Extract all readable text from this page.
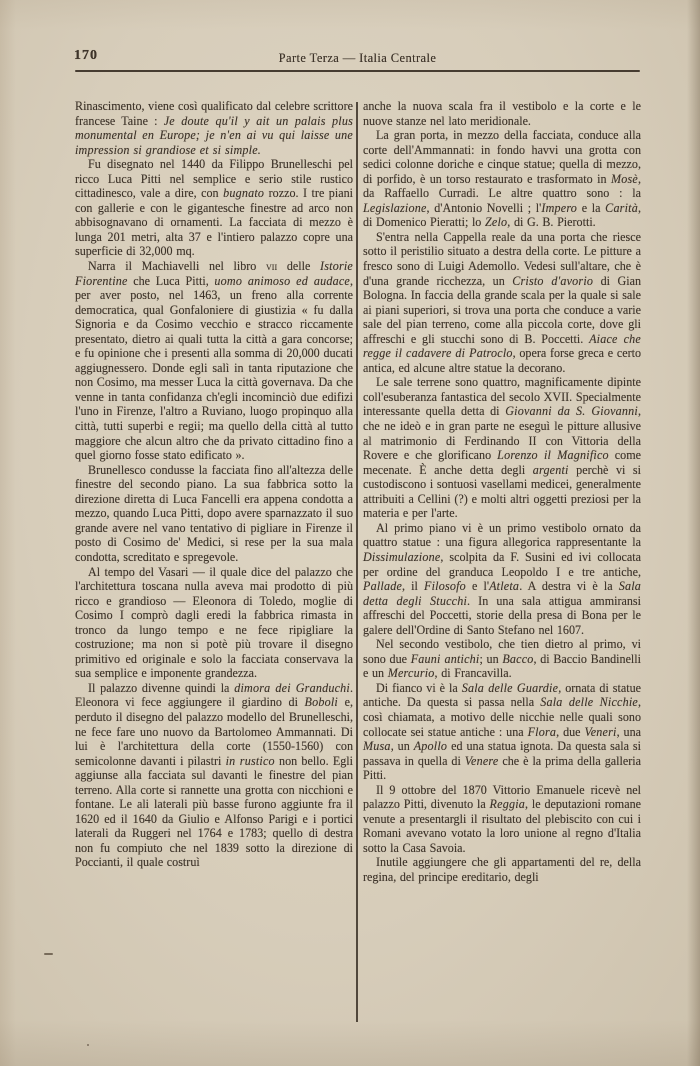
170	Parte Terza — Italia Centrale

Rinascimento, viene così qualificato dal celebre scrittore francese Taine : Je doute qu'il y ait un palais plus monumental en Europe; je n'en ai vu qui laisse une impression si grandiose et si simple.

Fu disegnato nel 1440 da Filippo Brunelleschi pel ricco Luca Pitti nel semplice e serio stile rustico cittadinesco, vale a dire, con bugnato rozzo. I tre piani con gallerie e con le gigantesche finestre ad arco non abbisognavano di ornamenti. La facciata di mezzo è lunga 201 metri, alta 37 e l'intiero palazzo copre una superficie di 32,000 mq.

Narra il Machiavelli nel libro vii delle Istorie Fiorentine che Luca Pitti, uomo animoso ed audace, per aver posto, nel 1463, un freno alla corrente democratica, qual Gonfaloniere di giustizia « fu dalla Signoria e da Cosimo vecchio e stracco riccamente presentato, dietro ai quali tutta la città a gara concorse; e fu opinione che i presenti alla somma di 20,000 ducati aggiugnessero. Donde egli salì in tanta riputazione che non Cosimo, ma messer Luca la città governava. Da che venne in tanta confidanza ch'egli incominciò due edifizi l'uno in Firenze, l'altro a Ruviano, luogo propinquo alla città, tutti superbi e regii; ma quello della città al tutto maggiore che alcun altro che da privato cittadino fino a quel giorno fosse stato edificato ».

Brunellesco condusse la facciata fino all'altezza delle finestre del secondo piano. La sua fabbrica sotto la direzione diretta di Luca Fancelli era appena condotta a mezzo, quando Luca Pitti, dopo avere sparnazzato il suo grande avere nel vano tentativo di pigliare in Firenze il posto di Cosimo de' Medici, si rese per la sua mala condotta, screditato e spregevole.

Al tempo del Vasari — il quale dice del palazzo che l'architettura toscana nulla aveva mai prodotto di più ricco e grandioso — Eleonora di Toledo, moglie di Cosimo I comprò dagli eredi la fabbrica rimasta in tronco da lungo tempo e ne fece ripigliare la costruzione; ma non si potè più trovare il disegno primitivo ed originale e solo la facciata conservava la sua semplice e imponente grandezza.

Il palazzo divenne quindi la dimora dei Granduchi. Eleonora vi fece aggiungere il giardino di Boboli e, perduto il disegno del palazzo modello del Brunelleschi, ne fece fare uno nuovo da Bartolomeo Ammannati. Di lui è l'architettura della corte (1550-1560) con semicolonne davanti i pilastri in rustico non bello. Egli aggiunse alla facciata sul davanti le finestre del pian terreno. Alla corte si rannette una grotta con nicchioni e fontane. Le ali laterali più basse furono aggiunte fra il 1620 ed il 1640 da Giulio e Alfonso Parigi e i portici laterali da Ruggeri nel 1764 e 1783; quello di destra non fu compiuto che nel 1839 sotto la direzione di Poccianti, il quale costruì

anche la nuova scala fra il vestibolo e la corte e le nuove stanze nel lato meridionale.

La gran porta, in mezzo della facciata, conduce alla corte dell'Ammannati: in fondo havvi una grotta con sedici colonne doriche e cinque statue; quella di mezzo, di porfido, è un torso restaurato e trasformato in Mosè, da Raffaello Curradi. Le altre quattro sono : la Legislazione, d'Antonio Novelli ; l'Impero e la Carità, di Domenico Pieratti; lo Zelo, di G. B. Pierotti.

S'entra nella Cappella reale da una porta che riesce sotto il peristilio situato a destra della corte. Le pitture a fresco sono di Luigi Ademollo. Vedesi sull'altare, che è d'una grande ricchezza, un Cristo d'avorio di Gian Bologna. In faccia della grande scala per la quale si sale ai piani superiori, si trova una porta che conduce a varie sale del pian terreno, come alla piccola corte, dove gli affreschi e gli stucchi sono di B. Poccetti. Aiace che regge il cadavere di Patroclo, opera forse greca e certo antica, ed alcune altre statue la decorano.

Le sale terrene sono quattro, magnificamente dipinte coll'esuberanza fantastica del secolo XVII. Specialmente interessante quella detta di Giovanni da S. Giovanni, che ne ideò e in gran parte ne eseguì le pitture allusive al matrimonio di Ferdinando II con Vittoria della Rovere e che glorificano Lorenzo il Magnifico come mecenate. È anche detta degli argenti perchè vi si custodiscono i sontuosi vasellami medicei, generalmente attribuiti a Cellini (?) e molti altri oggetti preziosi per la materia e per l'arte.

Al primo piano vi è un primo vestibolo ornato da quattro statue : una figura allegorica rappresentante la Dissimulazione, scolpita da F. Susini ed ivi collocata per ordine del granduca Leopoldo I e tre antiche, Pallade, il Filosofo e l'Atleta. A destra vi è la Sala detta degli Stucchi. In una sala attigua ammiransi affreschi del Poccetti, storie della presa di Bona per le galere dell'Ordine di Santo Stefano nel 1607.

Nel secondo vestibolo, che tien dietro al primo, vi sono due Fauni antichi; un Bacco, di Baccio Bandinelli e un Mercurio, di Francavilla.

Di fianco vi è la Sala delle Guardie, ornata di statue antiche. Da questa si passa nella Sala delle Nicchie, così chiamata, a motivo delle nicchie nelle quali sono collocate sei statue antiche : una Flora, due Veneri, una Musa, un Apollo ed una statua ignota. Da questa sala si passava in quella di Venere che è la prima della galleria Pitti.

Il 9 ottobre del 1870 Vittorio Emanuele ricevè nel palazzo Pitti, divenuto la Reggia, le deputazioni romane venute a presentargli il risultato del plebiscito con cui i Romani avevano votato la loro unione al regno d'Italia sotto la Casa Savoia.

Inutile aggiungere che gli appartamenti del re, della regina, del principe ereditario, degli
